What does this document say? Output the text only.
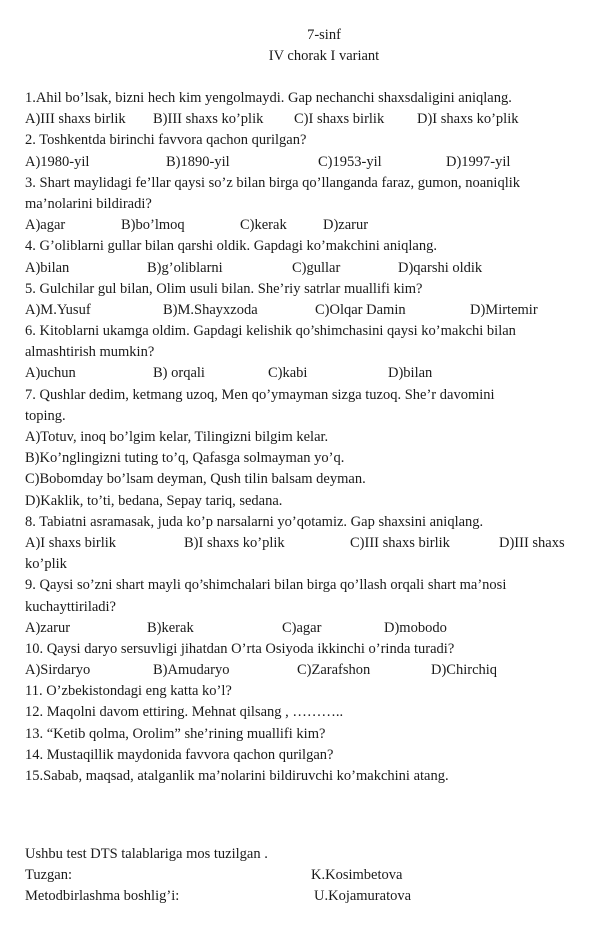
7-sinf
IV chorak I variant
1.Ahil bo’lsak, bizni hech kim yengolmaydi. Gap nechanchi shaxsdaligini aniqlang.
A)III shaxs birlik B)III shaxs ko’plik C)I shaxs birlik D)I shaxs ko’plik
2. Toshkentda birinchi favvora qachon qurilgan?
A)1980-yil	B)1890-yil	C)1953-yil	D)1997-yil
3. Shart maylidagi fe’llar qaysi so’z bilan birga qo’llanganda faraz, gumon, noaniqlik
ma’nolarini bildiradi?
A)agar	B)bo’lmoq	C)kerak	D)zarur
4. G’oliblarni gullar bilan qarshi oldik. Gapdagi ko’makchini aniqlang.
A)bilan	B)g’oliblarni	C)gullar	D)qarshi oldik
5. Gulchilar gul bilan, Olim usuli bilan. She’riy satrlar muallifi kim?
A)M.Yusuf	B)M.Shayxzoda	C)Olqar Damin	D)Mirtemir
6. Kitoblarni ukamga oldim. Gapdagi kelishik qo’shimchasini qaysi ko’makchi bilan
almashtirish mumkin?
A)uchun	B) orqali	C)kabi	D)bilan
7. Qushlar dedim, ketmang uzoq, Men qo’ymayman sizga tuzoq. She’r davomini
toping.
A)Totuv, inoq bo’lgim kelar, Tilingizni bilgim kelar.
B)Ko’nglingizni tuting to’q, Qafasga solmayman yo’q.
C)Bobomday bo’lsam deyman, Qush tilin balsam deyman.
D)Kaklik, to’ti, bedana, Sepay tariq, sedana.
8. Tabiatni asramasak, juda ko’p narsalarni yo’qotamiz. Gap shaxsini aniqlang.
A)I shaxs birlik	B)I shaxs ko’plik	C)III shaxs birlik	D)III shaxs
ko’plik
9. Qaysi so’zni shart mayli qo’shimchalari bilan birga qo’llash orqali shart ma’nosi
kuchayttiriladi?
A)zarur	B)kerak	C)agar	D)mobodo
10. Qaysi daryo sersuvligi jihatdan O’rta Osiyoda ikkinchi o’rinda turadi?
A)Sirdaryo	B)Amudaryo	C)Zarafshon	D)Chirchiq
11. O’zbekistondagi eng katta ko’l?
12. Maqolni davom ettiring. Mehnat qilsang , ………..
13. “Ketib qolma, Orolim” she’rining muallifi kim?
14. Mustaqillik maydonida favvora qachon qurilgan?
15.Sabab, maqsad, atalganlik ma’nolarini bildiruvchi ko’makchini atang.
Ushbu test DTS talablariga mos tuzilgan .
Tuzgan:	K.Kosimbetova
Metodbirlashma boshlig’i:	U.Kojamuratova
